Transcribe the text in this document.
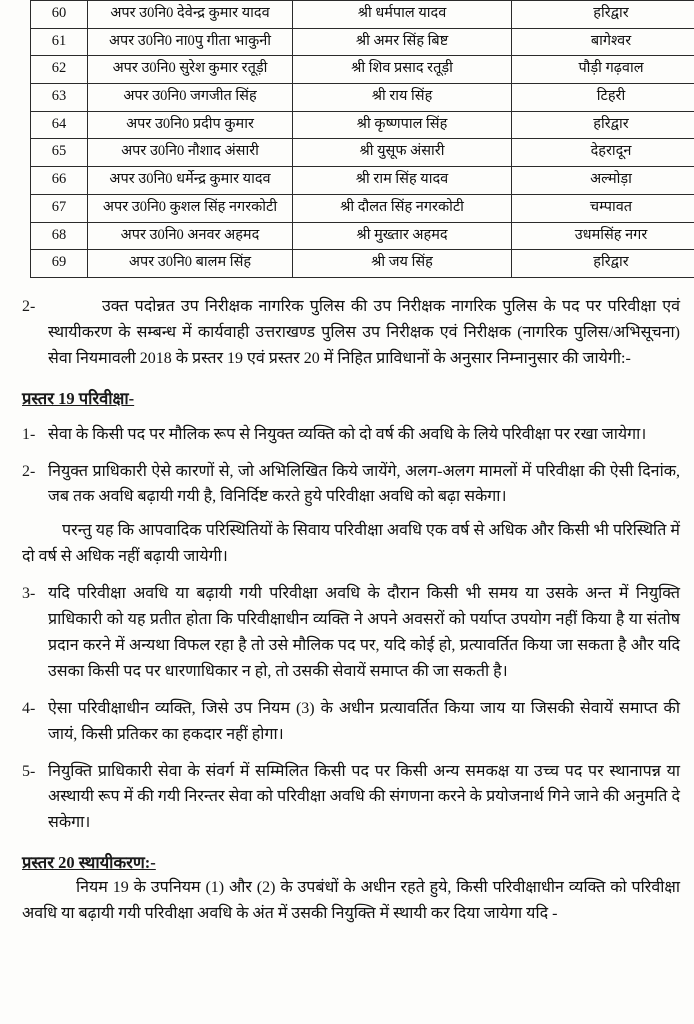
60	अपर उ0नि0 देवेन्द्र कुमार यादव	श्री धर्मपाल यादव	हरिद्वार
61	अपर उ0नि0 ना0पु गीता भाकुनी	श्री अमर सिंह बिष्ट	बागेश्वर
62	अपर उ0नि0 सुरेश कुमार रतूड़ी	श्री शिव प्रसाद रतूड़ी	पौड़ी गढ़वाल
63	अपर उ0नि0 जगजीत सिंह	श्री राय सिंह	टिहरी
64	अपर उ0नि0 प्रदीप कुमार	श्री कृष्णपाल सिंह	हरिद्वार
65	अपर उ0नि0 नौशाद अंसारी	श्री युसूफ अंसारी	देहरादून
66	अपर उ0नि0 धर्मेन्द्र कुमार यादव	श्री राम सिंह यादव	अल्मोड़ा
67	अपर उ0नि0 कुशल सिंह नगरकोटी	श्री दौलत सिंह नगरकोटी	चम्पावत
68	अपर उ0नि0 अनवर अहमद	श्री मुख्तार अहमद	उधमसिंह नगर
69	अपर उ0नि0 बालम सिंह	श्री जय सिंह	हरिद्वार
2-	उक्त पदोन्नत उप निरीक्षक नागरिक पुलिस की उप निरीक्षक नागरिक पुलिस के पद पर परिवीक्षा एवं स्थायीकरण के सम्बन्ध में कार्यवाही उत्तराखण्ड पुलिस उप निरीक्षक एवं निरीक्षक (नागरिक पुलिस/अभिसूचना) सेवा नियमावली 2018 के प्रस्तर 19 एवं प्रस्तर 20 में निहित प्राविधानों के अनुसार निम्नानुसार की जायेगी:-

प्रस्तर 19 परिवीक्षा-
1- सेवा के किसी पद पर मौलिक रूप से नियुक्त व्यक्ति को दो वर्ष की अवधि के लिये परिवीक्षा पर रखा जायेगा।

2- नियुक्त प्राधिकारी ऐसे कारणों से, जो अभिलिखित किये जायेंगे, अलग-अलग मामलों में परिवीक्षा की ऐसी दिनांक, जब तक अवधि बढ़ायी गयी है, विनिर्दिष्ट करते हुये परिवीक्षा अवधि को बढ़ा सकेगा।

परन्तु यह कि आपवादिक परिस्थितियों के सिवाय परिवीक्षा अवधि एक वर्ष से अधिक और किसी भी परिस्थिति में दो वर्ष से अधिक नहीं बढ़ायी जायेगी।

3- यदि परिवीक्षा अवधि या बढ़ायी गयी परिवीक्षा अवधि के दौरान किसी भी समय या उसके अन्त में नियुक्ति प्राधिकारी को यह प्रतीत होता कि परिवीक्षाधीन व्यक्ति ने अपने अवसरों को पर्याप्त उपयोग नहीं किया है या संतोष प्रदान करने में अन्यथा विफल रहा है तो उसे मौलिक पद पर, यदि कोई हो, प्रत्यावर्तित किया जा सकता है और यदि उसका किसी पद पर धारणाधिकार न हो, तो उसकी सेवायें समाप्त की जा सकती है।

4- ऐसा परिवीक्षाधीन व्यक्ति, जिसे उप नियम (3) के अधीन प्रत्यावर्तित किया जाय या जिसकी सेवायें समाप्त की जायं, किसी प्रतिकर का हकदार नहीं होगा।

5- नियुक्ति प्राधिकारी सेवा के संवर्ग में सम्मिलित किसी पद पर किसी अन्य समकक्ष या उच्च पद पर स्थानापन्न या अस्थायी रूप में की गयी निरन्तर सेवा को परिवीक्षा अवधि की संगणना करने के प्रयोजनार्थ गिने जाने की अनुमति दे सकेगा।

प्रस्तर 20 स्थायीकरण:-

नियम 19 के उपनियम (1) और (2) के उपबंधों के अधीन रहते हुये, किसी परिवीक्षाधीन व्यक्ति को परिवीक्षा अवधि या बढ़ायी गयी परिवीक्षा अवधि के अंत में उसकी नियुक्ति में स्थायी कर दिया जायेगा यदि -
